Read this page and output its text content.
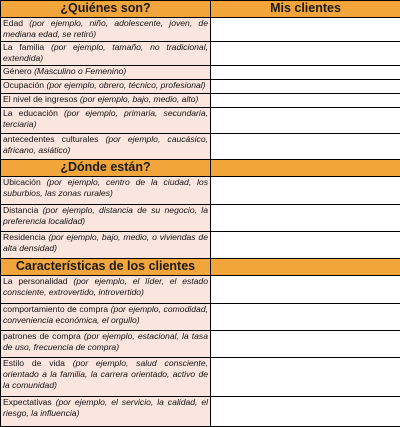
¿Quiénes son?	Mis clientes
Edad (por ejemplo, niño, adolescente, joven, de mediana edad, se retiró)	
La familia (por ejemplo, tamaño, no tradicional, extendida)	
Género (Masculino o Femenino)	
Ocupación (por ejemplo, obrero, técnico, profesional)	
El nivel de ingresos (por ejemplo, bajo, medio, alto)	
La educación (por ejemplo, primaria, secundaria, terciaria)	
antecedentes culturales (por ejemplo, caucásico, africano, asiático)	
¿Dónde están?	
Ubicación (por ejemplo, centro de la ciudad, los suburbios, las zonas rurales)	
Distancia (por ejemplo, distancia de su negocio, la preferencia localidad)	
Residencia (por ejemplo, bajo, medio, o viviendas de alta densidad)	
Características de los clientes	
La personalidad (por ejemplo, el líder, el estado consciente, extrovertido, introvertido)	
comportamiento de compra (por ejemplo, comodidad, conveniencia económica, el orgullo)	
patrones de compra (por ejemplo, estacional, la tasa de uso, frecuencia de compra)	
Estilo de vida (por ejemplo, salud consciente, orientado a la familia, la carrera orientado, activo de la comunidad)	
Expectativas (por ejemplo, el servicio, la calidad, el riesgo, la influencia)	
